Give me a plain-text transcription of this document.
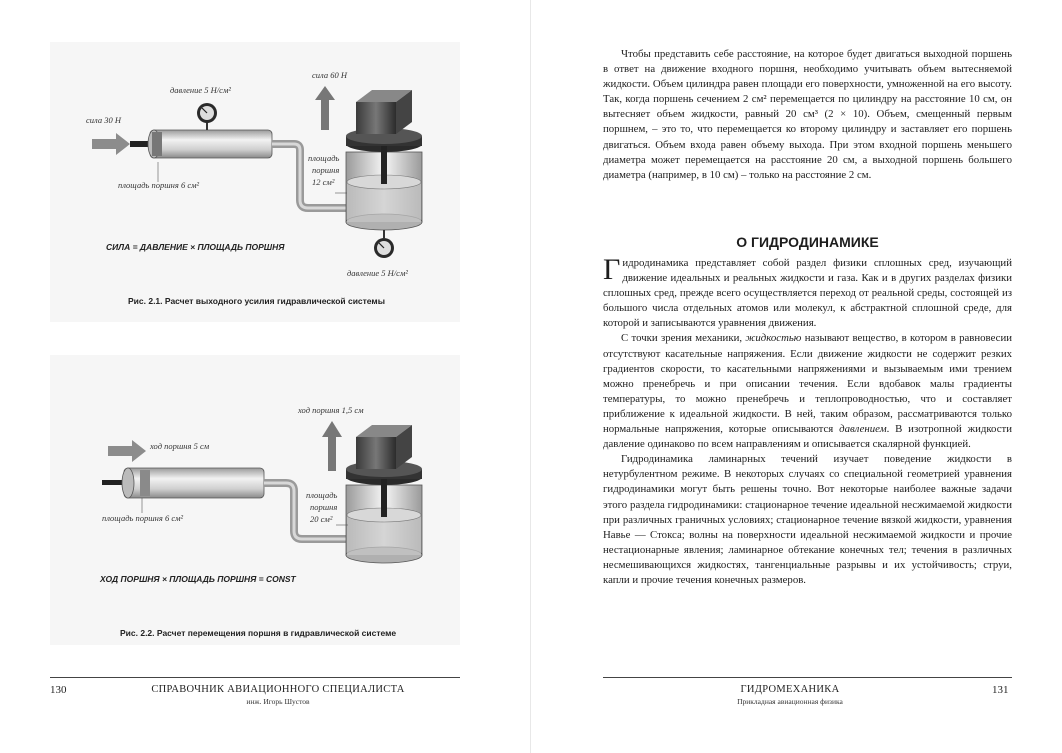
сила 30 Н
давление 5 Н/см²
площадь поршня 6 см²
сила 60 Н
площадь
поршня
12 см²
давление 5 Н/см²
СИЛА = ДАВЛЕНИЕ × ПЛОЩАДЬ ПОРШНЯ
Рис. 2.1. Расчет выходного усилия гидравлической системы
ход поршня 5 см
площадь поршня 6 см²
ход поршня 1,5 см
площадь
поршня
20 см²
ХОД ПОРШНЯ × ПЛОЩАДЬ ПОРШНЯ = CONST
Рис. 2.2. Расчет перемещения поршня в гидравлической системе
130	СПРАВОЧНИК АВИАЦИОННОГО СПЕЦИАЛИСТА
инж. Игорь Шустов

Чтобы представить себе расстояние, на которое будет двигаться выходной поршень в ответ на движение входного поршня, необходимо учитывать объем вытесняемой жидкости. Объем цилиндра равен площади его поверхности, умноженной на его высоту. Так, когда поршень сечением 2 см² перемещается по цилиндру на расстояние 10 см, он вытесняет объем жидкости, равный 20 см³ (2 × 10). Объем, смещенный первым поршнем, – это то, что перемещается ко второму цилиндру и заставляет его поршень двигаться. Объем входа равен объему выхода. При этом входной поршень меньшего диаметра может перемещается на расстояние 20 см, а выходной поршень большего диаметра (например, в 10 см) – только на расстояние 2 см.

О ГИДРОДИНАМИКЕ

Гидродинамика представляет собой раздел физики сплошных сред, изучающий движение идеальных и реальных жидкости и газа. Как и в других разделах физики сплошных сред, прежде всего осуществляется переход от реальной среды, состоящей из большого числа отдельных атомов или молекул, к абстрактной сплошной среде, для которой и записываются уравнения движения.

С точки зрения механики, жидкостью называют вещество, в котором в равновесии отсутствуют касательные напряжения. Если движение жидкости не содержит резких градиентов скорости, то касательными напряжениями и вызываемым ими трением можно пренебречь и при описании течения. Если вдобавок малы градиенты температуры, то можно пренебречь и теплопроводностью, что и составляет приближение к идеальной жидкости. В ней, таким образом, рассматриваются только нормальные напряжения, которые описываются давлением. В изотропной жидкости давление одинаково по всем направлениям и описывается скалярной функцией.

Гидродинамика ламинарных течений изучает поведение жидкости в нетурбулентном режиме. В некоторых случаях со специальной геометрией уравнения гидродинамики могут быть решены точно. Вот некоторые наиболее важные задачи этого раздела гидродинамики: стационарное течение идеальной несжимаемой жидкости при различных граничных условиях; стационарное течение вязкой жидкости, уравнения Навье — Стокса; волны на поверхности идеальной несжимаемой жидкости и прочие нестационарные явления; ламинарное обтекание конечных тел; течения в различных несмешивающихся жидкостях, тангенциальные разрывы и их устойчивость; струи, капли и прочие течения конечных размеров.

ГИДРОМЕХАНИКА
Прикладная авиационная физика
131
